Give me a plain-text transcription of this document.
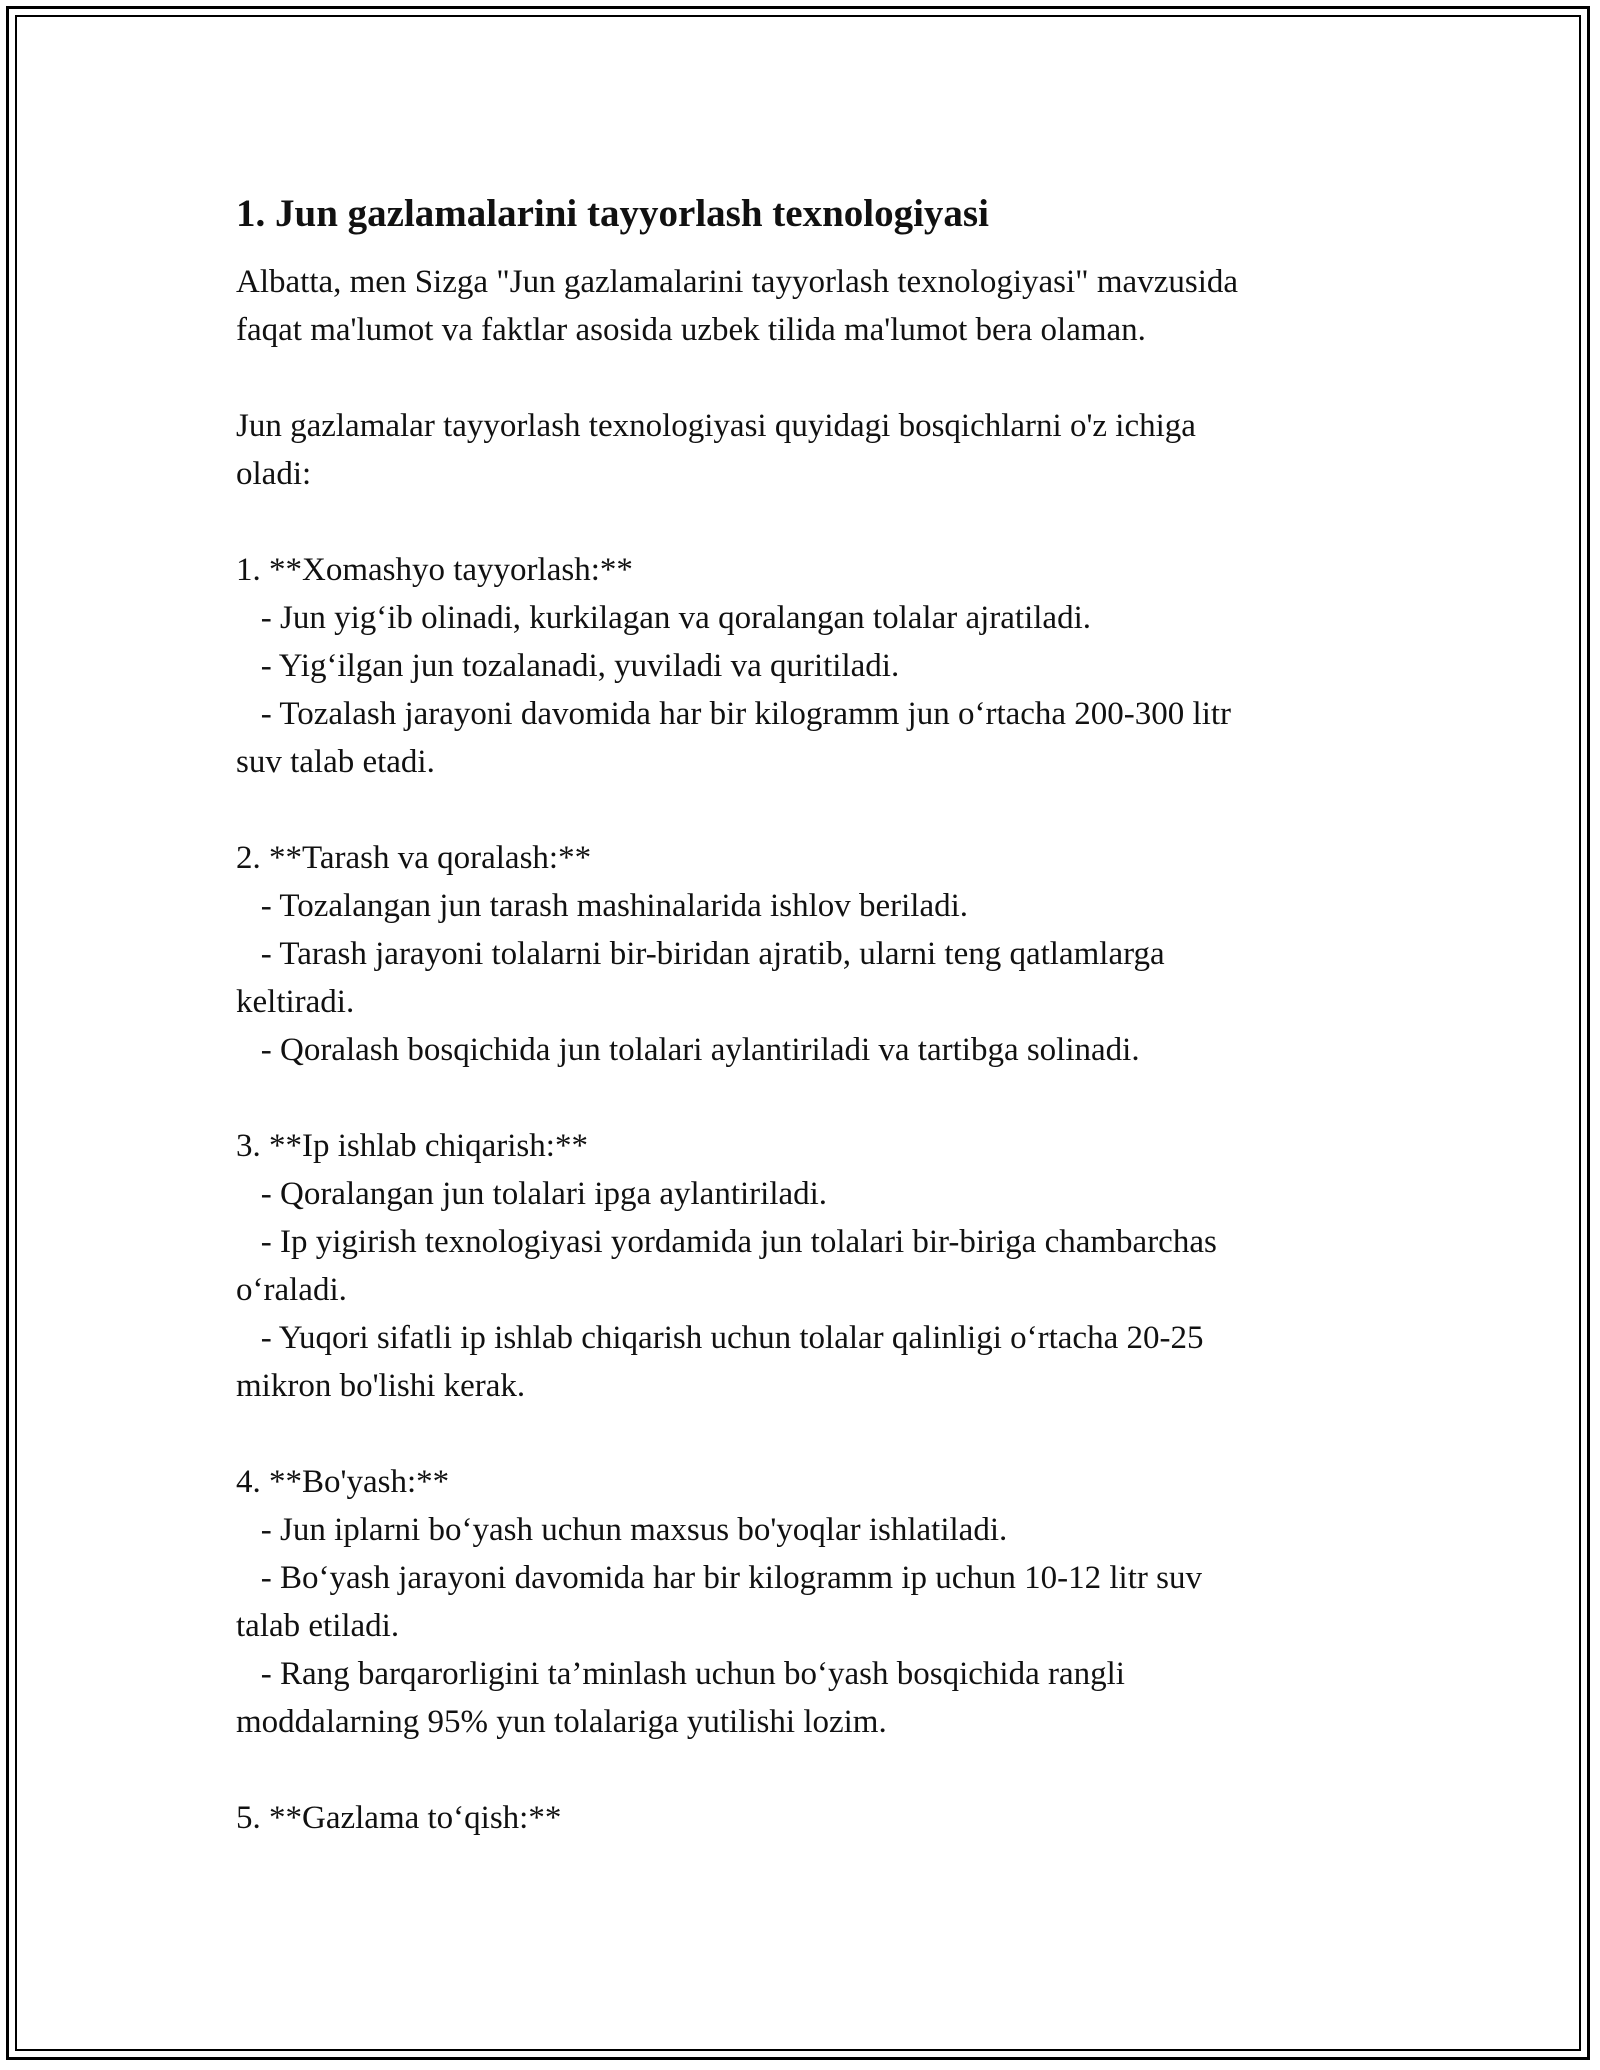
1. Jun gazlamalarini tayyorlash texnologiyasi

Albatta, men Sizga "Jun gazlamalarini tayyorlash texnologiyasi" mavzusida

faqat ma'lumot va faktlar asosida uzbek tilida ma'lumot bera olaman.

Jun gazlamalar tayyorlash texnologiyasi quyidagi bosqichlarni o'z ichiga

oladi:

1. **Xomashyo tayyorlash:**

- Jun yig‘ib olinadi, kurkilagan va qoralangan tolalar ajratiladi.

- Yig‘ilgan jun tozalanadi, yuviladi va quritiladi.

- Tozalash jarayoni davomida har bir kilogramm jun o‘rtacha 200-300 litr

suv talab etadi.

2. **Tarash va qoralash:**

- Tozalangan jun tarash mashinalarida ishlov beriladi.

- Tarash jarayoni tolalarni bir-biridan ajratib, ularni teng qatlamlarga

keltiradi.

- Qoralash bosqichida jun tolalari aylantiriladi va tartibga solinadi.

3. **Ip ishlab chiqarish:**

- Qoralangan jun tolalari ipga aylantiriladi.

- Ip yigirish texnologiyasi yordamida jun tolalari bir-biriga chambarchas

o‘raladi.

- Yuqori sifatli ip ishlab chiqarish uchun tolalar qalinligi o‘rtacha 20-25

mikron bo'lishi kerak.

4. **Bo'yash:**

- Jun iplarni bo‘yash uchun maxsus bo'yoqlar ishlatiladi.

- Bo‘yash jarayoni davomida har bir kilogramm ip uchun 10-12 litr suv

talab etiladi.

- Rang barqarorligini ta’minlash uchun bo‘yash bosqichida rangli

moddalarning 95% yun tolalariga yutilishi lozim.

5. **Gazlama to‘qish:**
